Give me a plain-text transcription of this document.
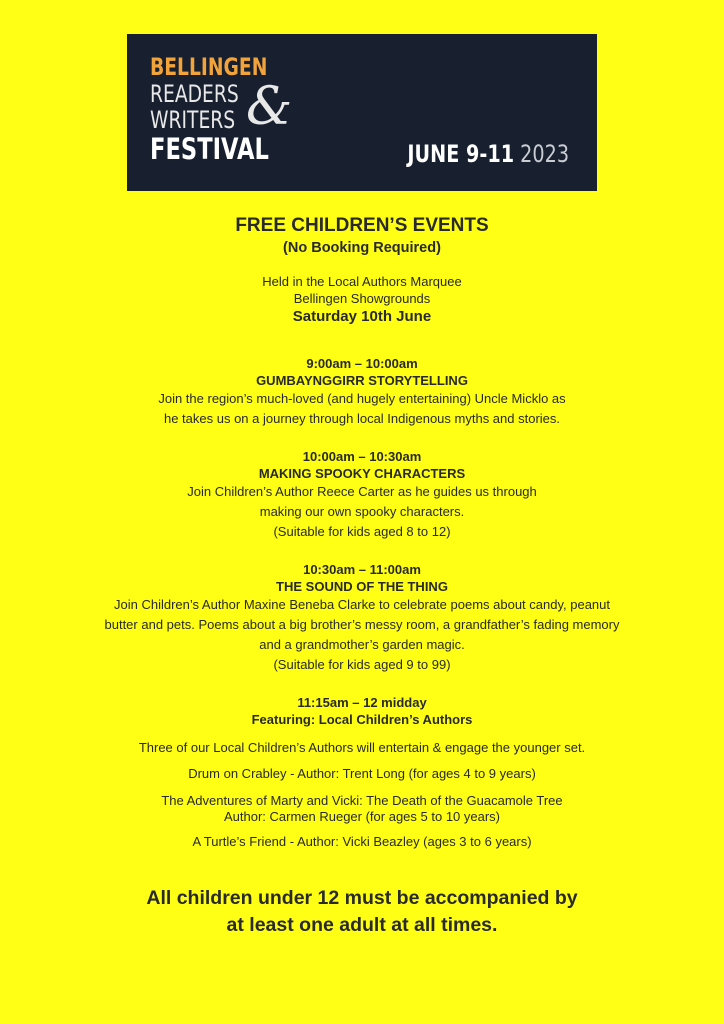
BELLINGEN
READERS
WRITERS
FESTIVAL
&
JUNE 9-11 2023
FREE CHILDREN’S EVENTS
(No Booking Required)
Held in the Local Authors Marquee
Bellingen Showgrounds
Saturday 10th June
9:00am – 10:00am
GUMBAYNGGIRR STORYTELLING
Join the region’s much-loved (and hugely entertaining) Uncle Micklo as
he takes us on a journey through local Indigenous myths and stories.
10:00am – 10:30am
MAKING SPOOKY CHARACTERS
Join Children’s Author Reece Carter as he guides us through
making our own spooky characters.
(Suitable for kids aged 8 to 12)
10:30am – 11:00am
THE SOUND OF THE THING
Join Children’s Author Maxine Beneba Clarke to celebrate poems about candy, peanut
butter and pets. Poems about a big brother’s messy room, a grandfather’s fading memory
and a grandmother’s garden magic.
(Suitable for kids aged 9 to 99)
11:15am – 12 midday
Featuring: Local Children’s Authors
Three of our Local Children’s Authors will entertain & engage the younger set.
Drum on Crabley - Author: Trent Long (for ages 4 to 9 years)
The Adventures of Marty and Vicki: The Death of the Guacamole Tree
Author: Carmen Rueger (for ages 5 to 10 years)
A Turtle’s Friend - Author: Vicki Beazley (ages 3 to 6 years)
All children under 12 must be accompanied by
at least one adult at all times.
